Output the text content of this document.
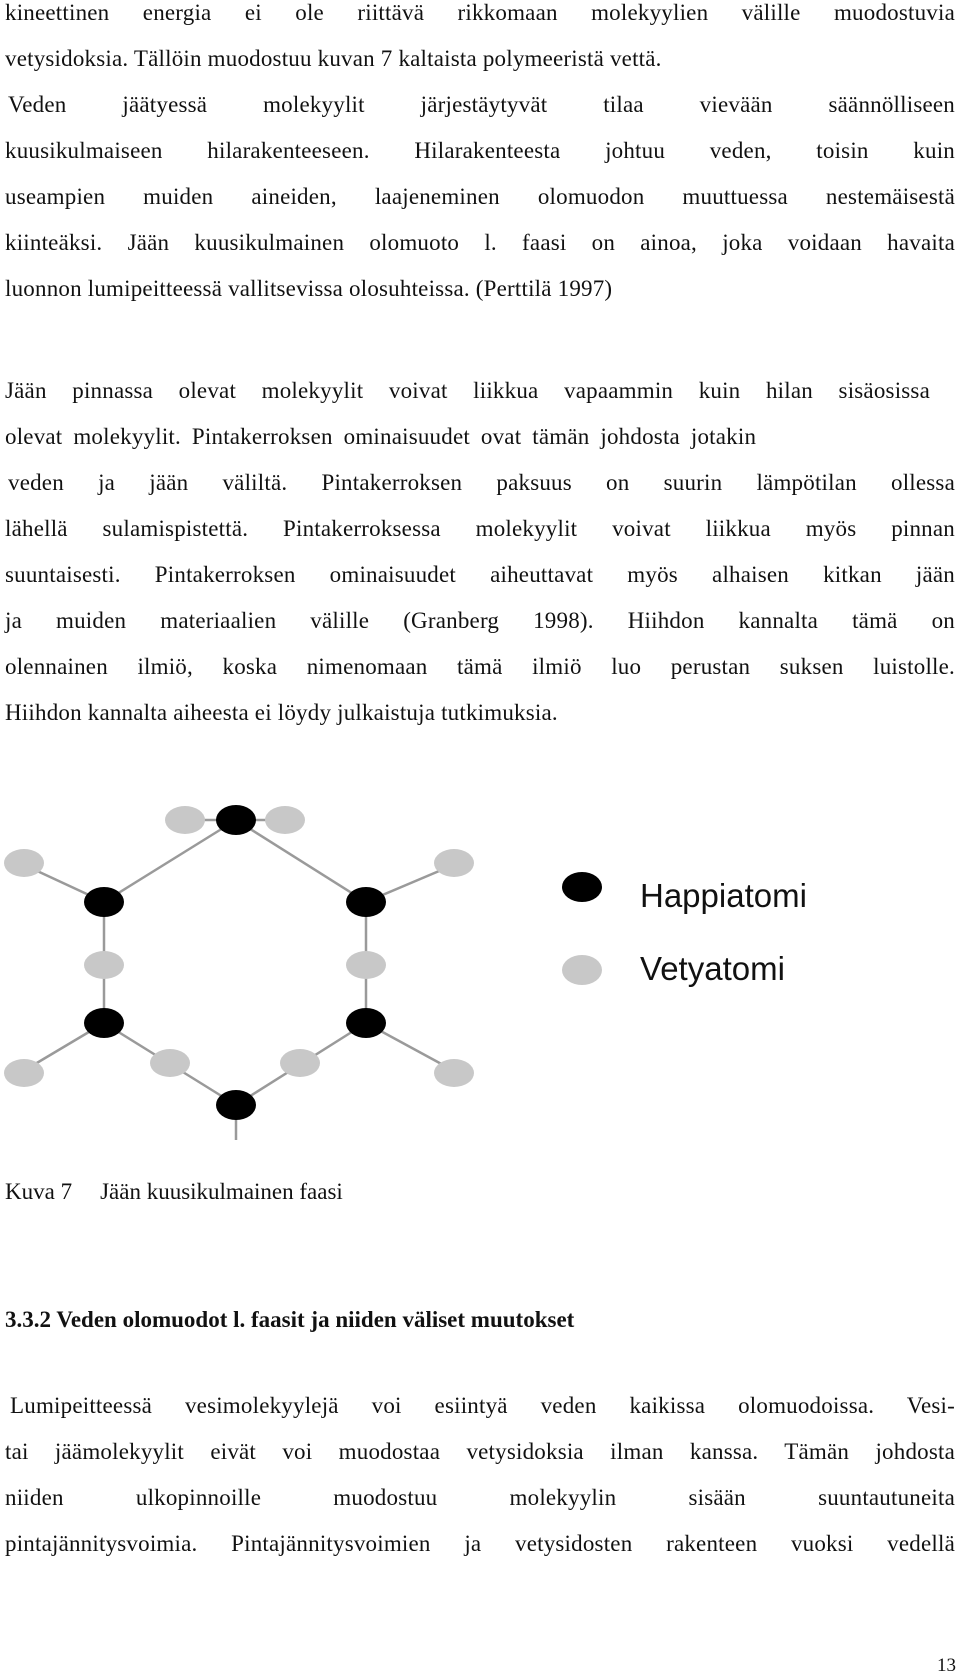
kineettinen energia ei ole riittävä rikkomaan molekyylien välille muodostuvia
vetysidoksia. Tällöin muodostuu kuvan 7 kaltaista polymeeristä vettä.
Veden jäätyessä molekyylit järjestäytyvät tilaa vievään säännölliseen
kuusikulmaiseen hilarakenteeseen. Hilarakenteesta johtuu veden, toisin kuin
useampien muiden aineiden, laajeneminen olomuodon muuttuessa nestemäisestä
kiinteäksi. Jään kuusikulmainen olomuoto l. faasi on ainoa, joka voidaan havaita
luonnon lumipeitteessä vallitsevissa olosuhteissa. (Perttilä 1997)
Jään pinnassa olevat molekyylit voivat liikkua vapaammin kuin hilan sisäosissa
olevat molekyylit. Pintakerroksen ominaisuudet ovat tämän johdosta jotakin
veden ja jään väliltä. Pintakerroksen paksuus on suurin lämpötilan ollessa
lähellä sulamispistettä. Pintakerroksessa molekyylit voivat liikkua myös pinnan
suuntaisesti. Pintakerroksen ominaisuudet aiheuttavat myös alhaisen kitkan jään
ja muiden materiaalien välille (Granberg 1998). Hiihdon kannalta tämä on
olennainen ilmiö, koska nimenomaan tämä ilmiö luo perustan suksen luistolle.
Hiihdon kannalta aiheesta ei löydy julkaistuja tutkimuksia.
Happiatomi
Vetyatomi
Kuva 7 Jään kuusikulmainen faasi
3.3.2 Veden olomuodot l. faasit ja niiden väliset muutokset
Lumipeitteessä vesimolekyylejä voi esiintyä veden kaikissa olomuodoissa. Vesi-
tai jäämolekyylit eivät voi muodostaa vetysidoksia ilman kanssa. Tämän johdosta
niiden ulkopinnoille muodostuu molekyylin sisään suuntautuneita
pintajännitysvoimia. Pintajännitysvoimien ja vetysidosten rakenteen vuoksi vedellä
13
